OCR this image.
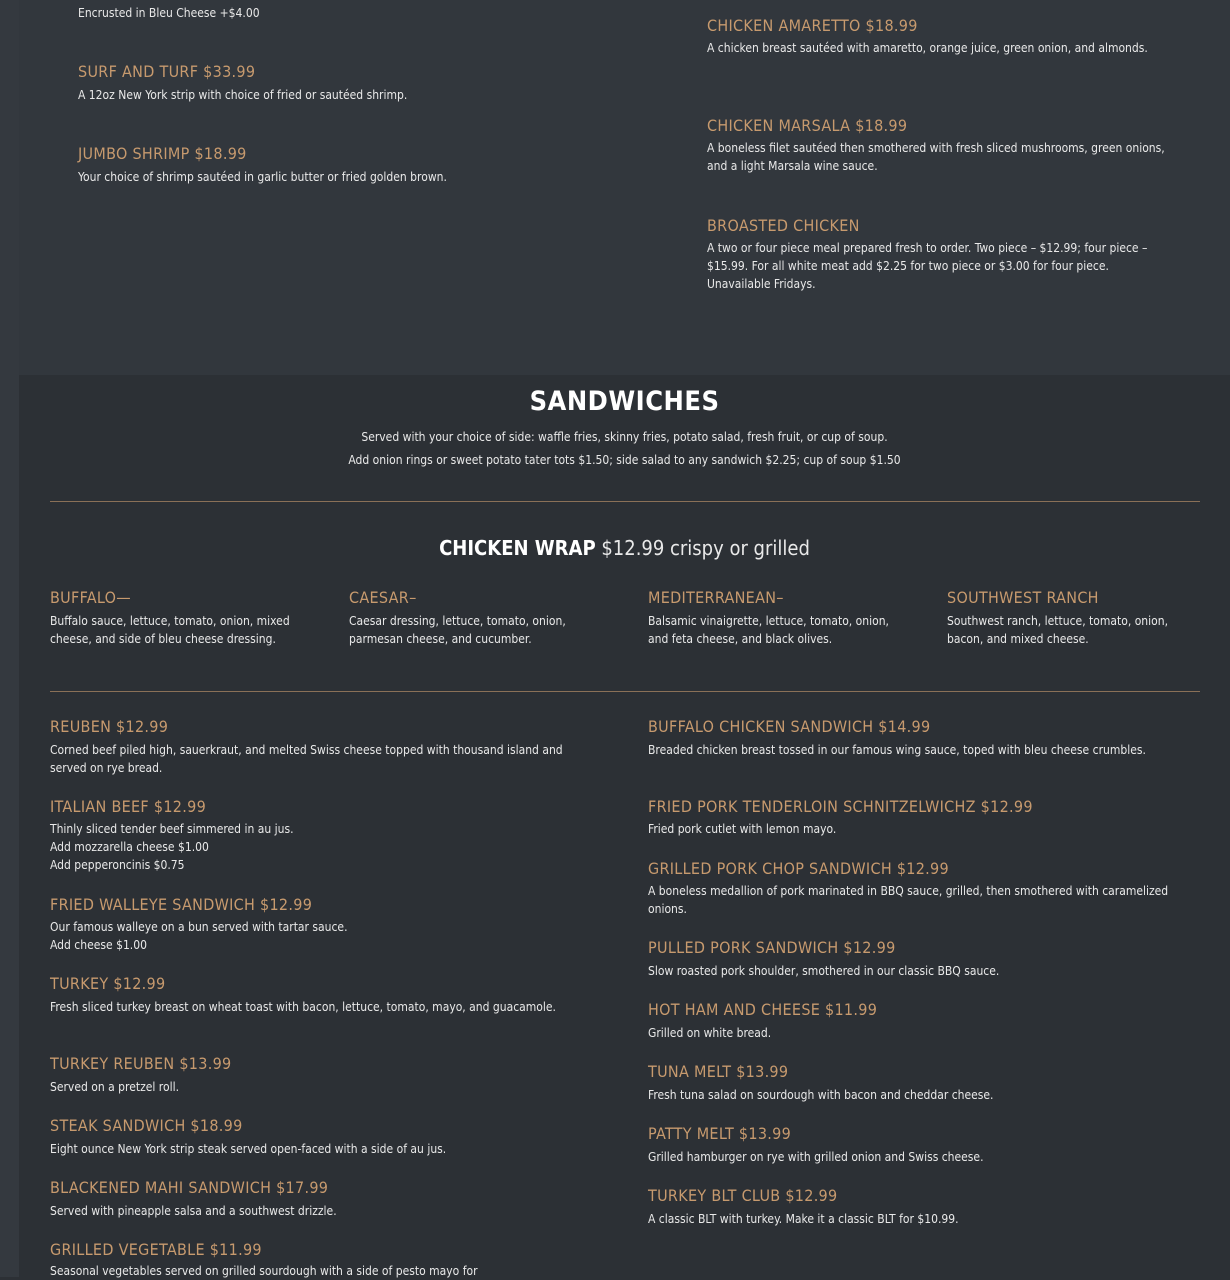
Encrusted in Bleu Cheese +$4.00
SURF AND TURF $33.99
A 12oz New York strip with choice of fried or sautéed shrimp.
JUMBO SHRIMP $18.99
Your choice of shrimp sautéed in garlic butter or fried golden brown.
CHICKEN AMARETTO $18.99
A chicken breast sautéed with amaretto, orange juice, green onion, and almonds.
CHICKEN MARSALA $18.99
A boneless filet sautéed then smothered with fresh sliced mushrooms, green onions, and a light Marsala wine sauce.
BROASTED CHICKEN
A two or four piece meal prepared fresh to order. Two piece – $12.99; four piece – $15.99. For all white meat add $2.25 for two piece or $3.00 for four piece. Unavailable Fridays.
SANDWICHES
Served with your choice of side: waffle fries, skinny fries, potato salad, fresh fruit, or cup of soup.
Add onion rings or sweet potato tater tots $1.50; side salad to any sandwich $2.25; cup of soup $1.50
CHICKEN WRAP $12.99 crispy or grilled
BUFFALO—
Buffalo sauce, lettuce, tomato, onion, mixed cheese, and side of bleu cheese dressing.
CAESAR–
Caesar dressing, lettuce, tomato, onion, parmesan cheese, and cucumber.
MEDITERRANEAN–
Balsamic vinaigrette, lettuce, tomato, onion, and feta cheese, and black olives.
SOUTHWEST RANCH
Southwest ranch, lettuce, tomato, onion, bacon, and mixed cheese.
REUBEN $12.99
Corned beef piled high, sauerkraut, and melted Swiss cheese topped with thousand island and served on rye bread.
ITALIAN BEEF $12.99
Thinly sliced tender beef simmered in au jus.
Add mozzarella cheese $1.00
Add pepperoncinis $0.75
FRIED WALLEYE SANDWICH $12.99
Our famous walleye on a bun served with tartar sauce.
Add cheese $1.00
TURKEY $12.99
Fresh sliced turkey breast on wheat toast with bacon, lettuce, tomato, mayo, and guacamole.
TURKEY REUBEN $13.99
Served on a pretzel roll.
STEAK SANDWICH $18.99
Eight ounce New York strip steak served open-faced with a side of au jus.
BLACKENED MAHI SANDWICH $17.99
Served with pineapple salsa and a southwest drizzle.
GRILLED VEGETABLE $11.99
Seasonal vegetables served on grilled sourdough with a side of pesto mayo for
BUFFALO CHICKEN SANDWICH $14.99
Breaded chicken breast tossed in our famous wing sauce, toped with bleu cheese crumbles.
FRIED PORK TENDERLOIN SCHNITZELWICHZ $12.99
Fried pork cutlet with lemon mayo.
GRILLED PORK CHOP SANDWICH $12.99
A boneless medallion of pork marinated in BBQ sauce, grilled, then smothered with caramelized onions.
PULLED PORK SANDWICH $12.99
Slow roasted pork shoulder, smothered in our classic BBQ sauce.
HOT HAM AND CHEESE $11.99
Grilled on white bread.
TUNA MELT $13.99
Fresh tuna salad on sourdough with bacon and cheddar cheese.
PATTY MELT $13.99
Grilled hamburger on rye with grilled onion and Swiss cheese.
TURKEY BLT CLUB $12.99
A classic BLT with turkey. Make it a classic BLT for $10.99.
